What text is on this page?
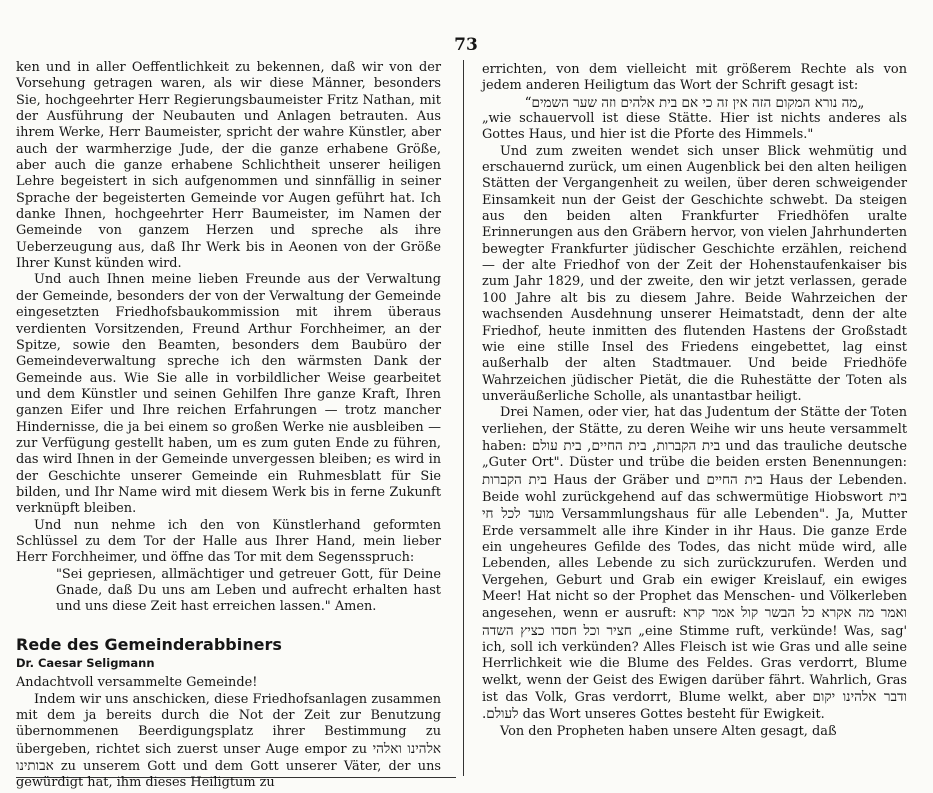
73

ken und in aller Oeffentlichkeit zu bekennen, daß wir von der Vorsehung getragen waren, als wir diese Männer, besonders Sie, hochgeehrter Herr Regierungsbaumeister Fritz Nathan, mit der Ausführung der Neubauten und Anlagen betrauten. Aus ihrem Werke, Herr Baumeister, spricht der wahre Künstler, aber auch der warmherzige Jude, der die ganze erhabene Größe, aber auch die ganze erhabene Schlichtheit unserer heiligen Lehre begeistert in sich aufgenommen und sinnfällig in seiner Sprache der begeisterten Gemeinde vor Augen geführt hat. Ich danke Ihnen, hochgeehrter Herr Baumeister, im Namen der Gemeinde von ganzem Herzen und spreche als ihre Ueberzeugung aus, daß Ihr Werk bis in Aeonen von der Größe Ihrer Kunst künden wird.

Und auch Ihnen meine lieben Freunde aus der Verwaltung der Gemeinde, besonders der von der Verwaltung der Gemeinde eingesetzten Friedhofsbaukommission mit ihrem überaus verdienten Vorsitzenden, Freund Arthur Forchheimer, an der Spitze, sowie den Beamten, besonders dem Baubüro der Gemeindeverwaltung spreche ich den wärmsten Dank der Gemeinde aus. Wie Sie alle in vorbildlicher Weise gearbeitet und dem Künstler und seinen Gehilfen Ihre ganze Kraft, Ihren ganzen Eifer und Ihre reichen Erfahrungen — trotz mancher Hindernisse, die ja bei einem so großen Werke nie ausbleiben — zur Verfügung gestellt haben, um es zum guten Ende zu führen, das wird Ihnen in der Gemeinde unvergessen bleiben; es wird in der Geschichte unserer Gemeinde ein Ruhmesblatt für Sie bilden, und Ihr Name wird mit diesem Werk bis in ferne Zukunft verknüpft bleiben.

Und nun nehme ich den von Künstlerhand geformten Schlüssel zu dem Tor der Halle aus Ihrer Hand, mein lieber Herr Forchheimer, und öffne das Tor mit dem Segensspruch:

"Sei gepriesen, allmächtiger und getreuer Gott, für Deine Gnade, daß Du uns am Leben und aufrecht erhalten hast und uns diese Zeit hast erreichen lassen." Amen.

Rede des Gemeinderabbiners
Dr. Caesar Seligmann

Andachtvoll versammelte Gemeinde!

Indem wir uns anschicken, diese Friedhofsanlagen zusammen mit dem ja bereits durch die Not der Zeit zur Benutzung übernommenen Beerdigungsplatz ihrer Bestimmung zu übergeben, richtet sich zuerst unser Auge empor zu אלהינו ואלהי אבותינו zu unserem Gott und dem Gott unserer Väter, der uns gewürdigt hat, ihm dieses Heiligtum zu

errichten, von dem vielleicht mit größerem Rechte als von jedem anderen Heiligtum das Wort der Schrift gesagt ist:

„מה נורא המקום הזה אין זה כי אם בית אלהים וזה שער השמים“

„wie schauervoll ist diese Stätte. Hier ist nichts anderes als Gottes Haus, und hier ist die Pforte des Himmels."

Und zum zweiten wendet sich unser Blick wehmütig und erschauernd zurück, um einen Augenblick bei den alten heiligen Stätten der Vergangenheit zu weilen, über deren schweigender Einsamkeit nun der Geist der Geschichte schwebt. Da steigen aus den beiden alten Frankfurter Friedhöfen uralte Erinnerungen aus den Gräbern hervor, von vielen Jahrhunderten bewegter Frankfurter jüdischer Geschichte erzählen, reichend — der alte Friedhof von der Zeit der Hohenstaufenkaiser bis zum Jahr 1829, und der zweite, den wir jetzt verlassen, gerade 100 Jahre alt bis zu diesem Jahre. Beide Wahrzeichen der wachsenden Ausdehnung unserer Heimatstadt, denn der alte Friedhof, heute inmitten des flutenden Hastens der Großstadt wie eine stille Insel des Friedens eingebettet, lag einst außerhalb der alten Stadtmauer. Und beide Friedhöfe Wahrzeichen jüdischer Pietät, die die Ruhestätte der Toten als unveräußerliche Scholle, als unantastbar heiligt.

Drei Namen, oder vier, hat das Judentum der Stätte der Toten verliehen, der Stätte, zu deren Weihe wir uns heute versammelt haben: בית הקברות, בית החיים, בית עולם und das trauliche deutsche „Guter Ort". Düster und trübe die beiden ersten Benennungen: בית הקברות Haus der Gräber und בית החיים Haus der Lebenden. Beide wohl zurückgehend auf das schwermütige Hiobswort בית מועד לכל חי Versammlungshaus für alle Lebenden". Ja, Mutter Erde versammelt alle ihre Kinder in ihr Haus. Die ganze Erde ein ungeheures Gefilde des Todes, das nicht müde wird, alle Lebenden, alles Lebende zu sich zurückzurufen. Werden und Vergehen, Geburt und Grab ein ewiger Kreislauf, ein ewiges Meer! Hat nicht so der Prophet das Menschen- und Völkerleben angesehen, wenn er ausruft: קול אמר קרא ואמר מה אקרא כל הבשר חציר וכל חסדו כציץ השדה „eine Stimme ruft, verkünde! Was, sag' ich, soll ich verkünden? Alles Fleisch ist wie Gras und alle seine Herrlichkeit wie die Blume des Feldes. Gras verdorrt, Blume welkt, wenn der Geist des Ewigen darüber fährt. Wahrlich, Gras ist das Volk, Gras verdorrt, Blume welkt, aber ודבר אלהינו יקום לעולם. das Wort unseres Gottes besteht für Ewigkeit.

Von den Propheten haben unsere Alten gesagt, daß
